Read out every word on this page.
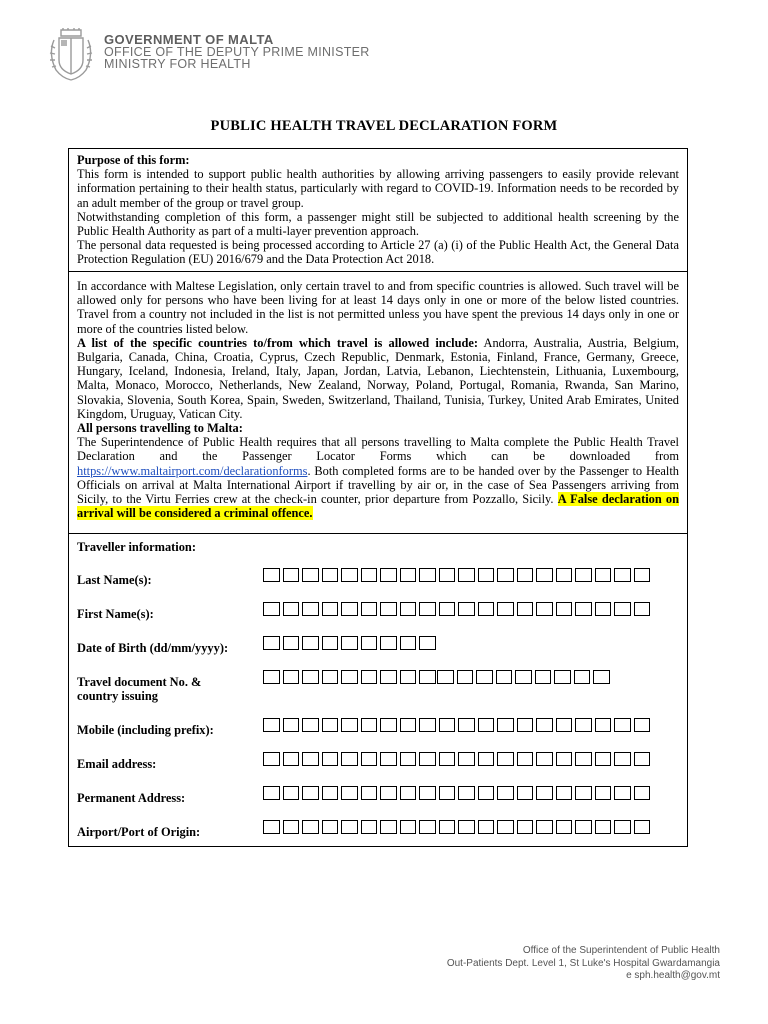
GOVERNMENT OF MALTA
OFFICE OF THE DEPUTY PRIME MINISTER
MINISTRY FOR HEALTH
PUBLIC HEALTH TRAVEL DECLARATION FORM

Purpose of this form:

This form is intended to support public health authorities by allowing arriving passengers to easily provide relevant information pertaining to their health status, particularly with regard to COVID-19. Information needs to be recorded by an adult member of the group or travel group.

Notwithstanding completion of this form, a passenger might still be subjected to additional health screening by the Public Health Authority as part of a multi-layer prevention approach.

The personal data requested is being processed according to Article 27 (a) (i) of the Public Health Act, the General Data Protection Regulation (EU) 2016/679 and the Data Protection Act 2018.

In accordance with Maltese Legislation, only certain travel to and from specific countries is allowed. Such travel will be allowed only for persons who have been living for at least 14 days only in one or more of the below listed countries. Travel from a country not included in the list is not permitted unless you have spent the previous 14 days only in one or more of the countries listed below.

A list of the specific countries to/from which travel is allowed include: Andorra, Australia, Austria, Belgium, Bulgaria, Canada, China, Croatia, Cyprus, Czech Republic, Denmark, Estonia, Finland, France, Germany, Greece, Hungary, Iceland, Indonesia, Ireland, Italy, Japan, Jordan, Latvia, Lebanon, Liechtenstein, Lithuania, Luxembourg, Malta, Monaco, Morocco, Netherlands, New Zealand, Norway, Poland, Portugal, Romania, Rwanda, San Marino, Slovakia, Slovenia, South Korea, Spain, Sweden, Switzerland, Thailand, Tunisia, Turkey, United Arab Emirates, United Kingdom, Uruguay, Vatican City.

All persons travelling to Malta:

The Superintendence of Public Health requires that all persons travelling to Malta complete the Public Health Travel Declaration and the Passenger Locator Forms which can be downloaded from https://www.maltairport.com/declarationforms. Both completed forms are to be handed over by the Passenger to Health Officials on arrival at Malta International Airport if travelling by air or, in the case of Sea Passengers arriving from Sicily, to the Virtu Ferries crew at the check-in counter, prior departure from Pozzallo, Sicily. A False declaration on arrival will be considered a criminal offence.

Traveller information:
Last Name(s):
First Name(s):
Date of Birth (dd/mm/yyyy):
Travel document No. &
country issuing
Mobile (including prefix):
Email address:
Permanent Address:
Airport/Port of Origin:
Office of the Superintendent of Public Health
Out-Patients Dept. Level 1, St Luke's Hospital Gwardamangia
e sph.health@gov.mt
